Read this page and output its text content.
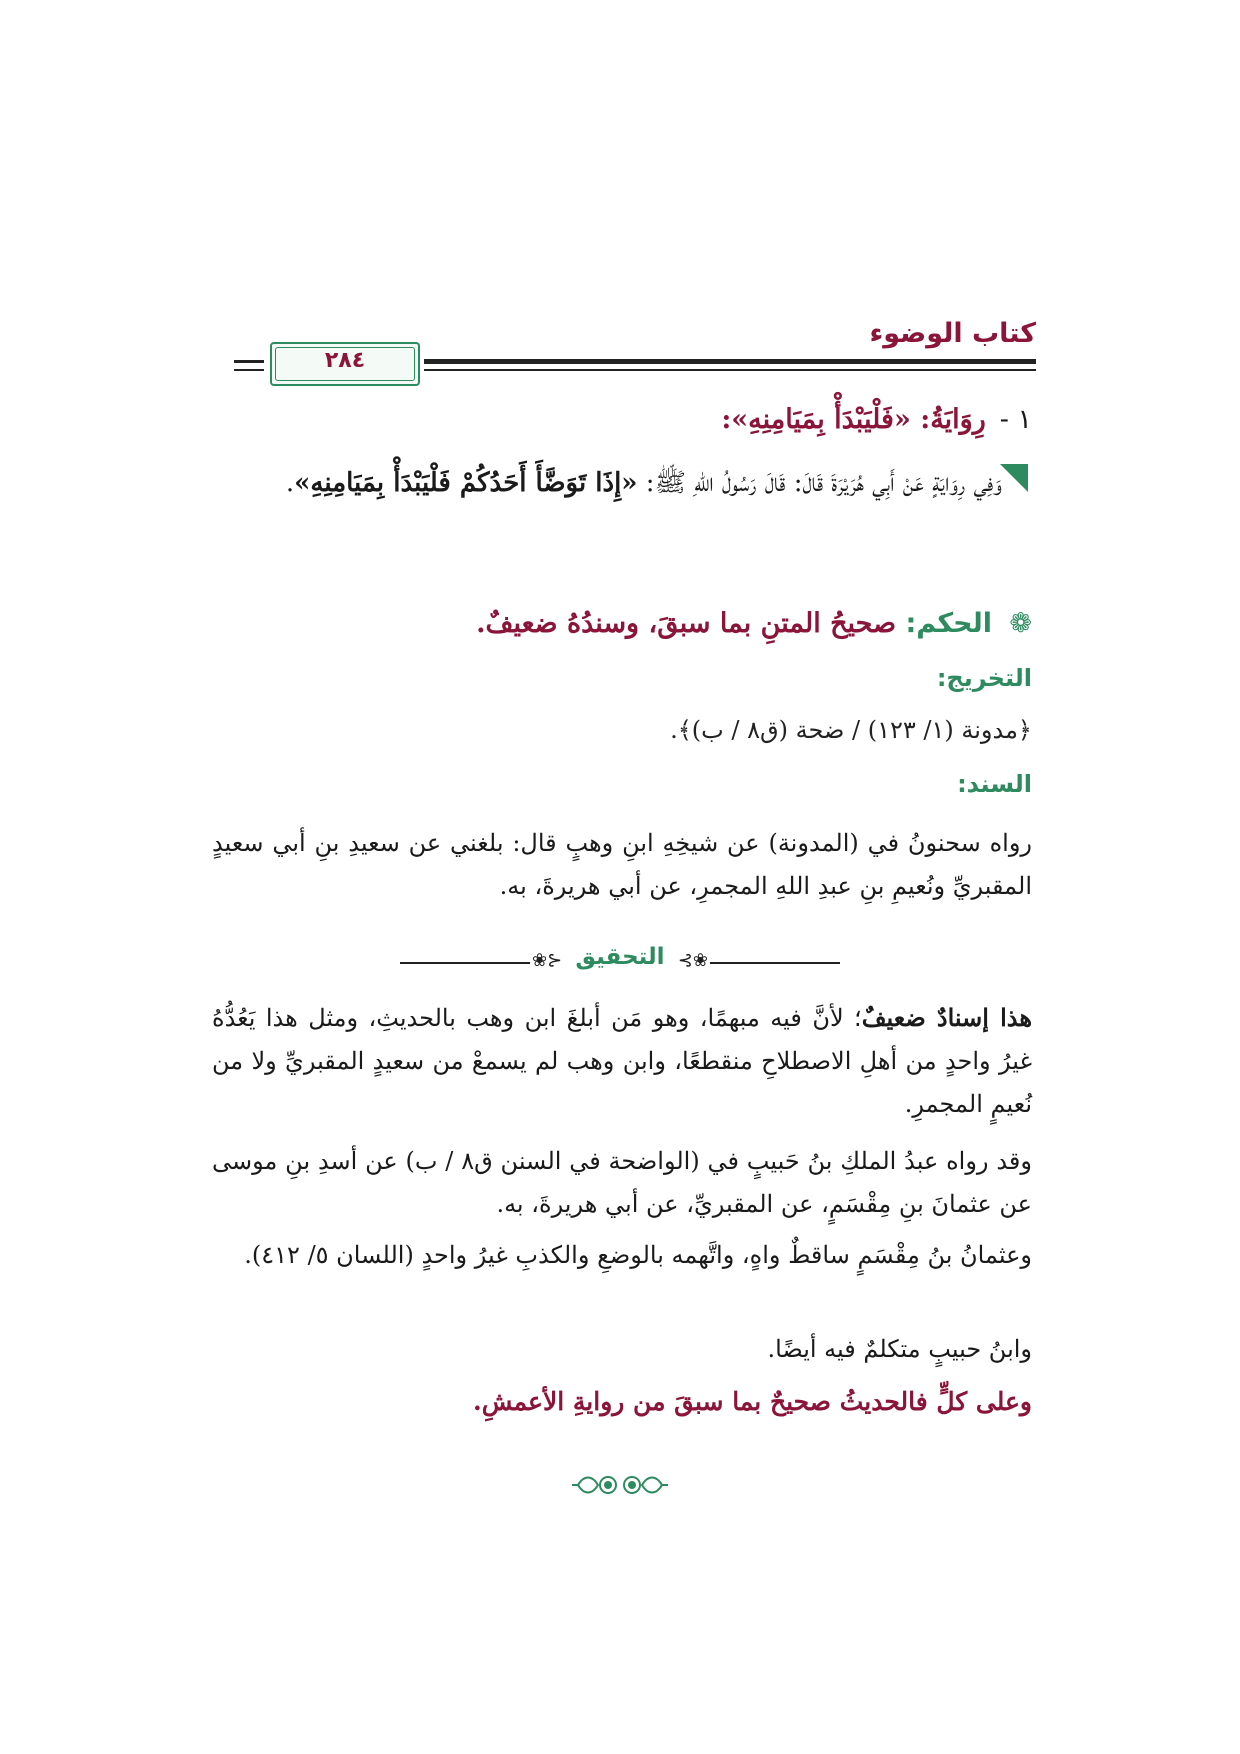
كتاب الوضوء
٢٨٤
١ -رِوَايَةُ: «فَلْيَبْدَأْ بِمَيَامِنِهِ»:
وَفِي رِوَايَةٍ عَنْ أَبِي هُرَيْرَةَ قَالَ: قَالَ رَسُولُ اللهِ ﷺ: «إِذَا تَوَضَّأَ أَحَدُكُمْ فَلْيَبْدَأْ بِمَيَامِنِهِ».
❁ الحكم: صحيحُ المتنِ بما سبقَ، وسندُهُ ضعيفٌ.
التخريج:
﴿مدونة (١/ ١٢٣) / ضحة (ق٨ / ب)﴾.
السند:
رواه سحنونُ في (المدونة) عن شيخِهِ ابنِ وهبٍ قال: بلغني عن سعيدِ بنِ أبي سعيدٍ المقبريِّ ونُعيمِ بنِ عبدِ اللهِ المجمرِ، عن أبي هريرةَ، به.
⊰❀
التحقيق
❀⊱
هذا إسنادٌ ضعيفٌ؛ لأنَّ فيه مبهمًا، وهو مَن أبلغَ ابن وهب بالحديثِ، ومثل هذا يَعُدُّهُ غيرُ واحدٍ من أهلِ الاصطلاحِ منقطعًا، وابن وهب لم يسمعْ من سعيدٍ المقبريِّ ولا من نُعيمٍ المجمرِ.
وقد رواه عبدُ الملكِ بنُ حَبيبٍ في (الواضحة في السنن ق٨ / ب) عن أسدِ بنِ موسى عن عثمانَ بنِ مِقْسَمٍ، عن المقبريِّ، عن أبي هريرةَ، به.
وعثمانُ بنُ مِقْسَمٍ ساقطٌ واهٍ، واتَّهمه بالوضعِ والكذبِ غيرُ واحدٍ (اللسان ٥/ ٤١٢).
وابنُ حبيبٍ متكلمٌ فيه أيضًا.
وعلى كلٍّ فالحديثُ صحيحٌ بما سبقَ من روايةِ الأعمشِ.
